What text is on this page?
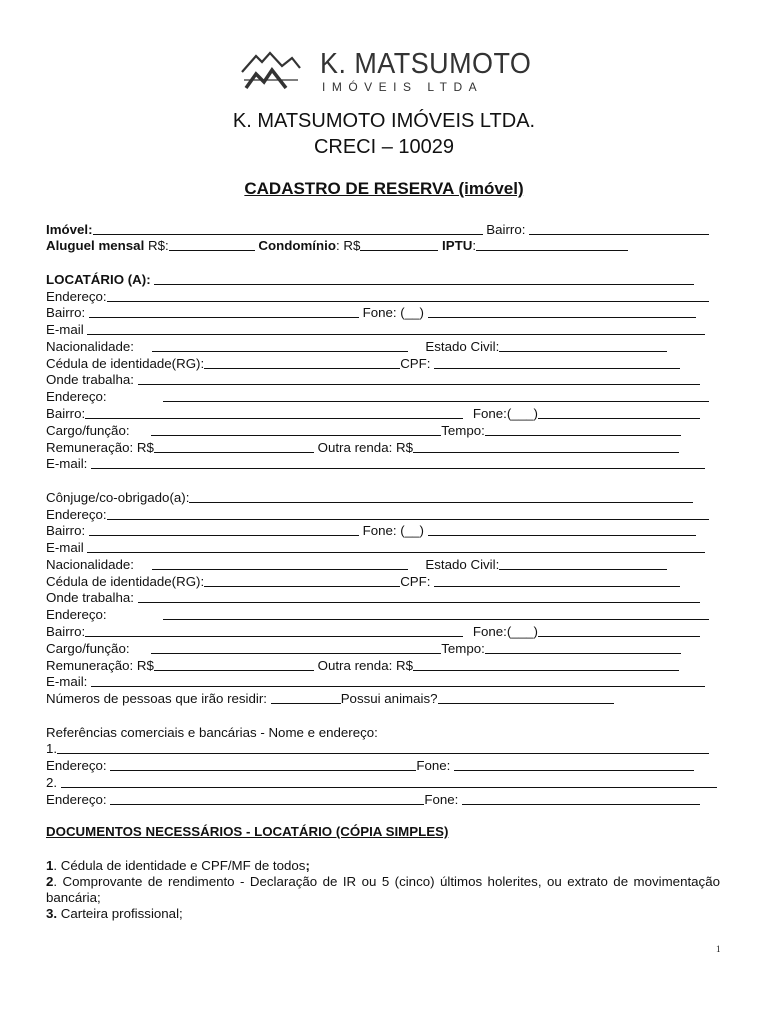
K. MATSUMOTO
IMÓVEIS LTDA
K. MATSUMOTO IMÓVEIS LTDA.
CRECI – 10029
CADASTRO DE RESERVA (imóvel)
Imóvel:	Bairro:
Aluguel mensal R$:	Condomínio: R$	IPTU:
LOCATÁRIO (A):
Endereço:
Bairro:	Fone: (__)
E-mail
Nacionalidade:	Estado Civil:
Cédula de identidade(RG):	CPF:
Onde trabalha:
Endereço:
Bairro:	Fone:(___)
Cargo/função:	Tempo:
Remuneração: R$	Outra renda: R$
E-mail:
Cônjuge/co-obrigado(a):
Endereço:
Bairro:	Fone: (__)
E-mail
Nacionalidade:	Estado Civil:
Cédula de identidade(RG):	CPF:
Onde trabalha:
Endereço:
Bairro:	Fone:(___)
Cargo/função:	Tempo:
Remuneração: R$	Outra renda: R$
E-mail:
Números de pessoas que irão residir:	Possui animais?
Referências comerciais e bancárias - Nome e endereço:
1.
Endereço:	Fone:
2.
Endereço:	Fone:
DOCUMENTOS NECESSÁRIOS - LOCATÁRIO (CÓPIA SIMPLES)

1. Cédula de identidade e CPF/MF de todos;

2. Comprovante de rendimento - Declaração de IR ou 5 (cinco) últimos holerites, ou extrato de movimentação bancária;

3. Carteira profissional;

1
